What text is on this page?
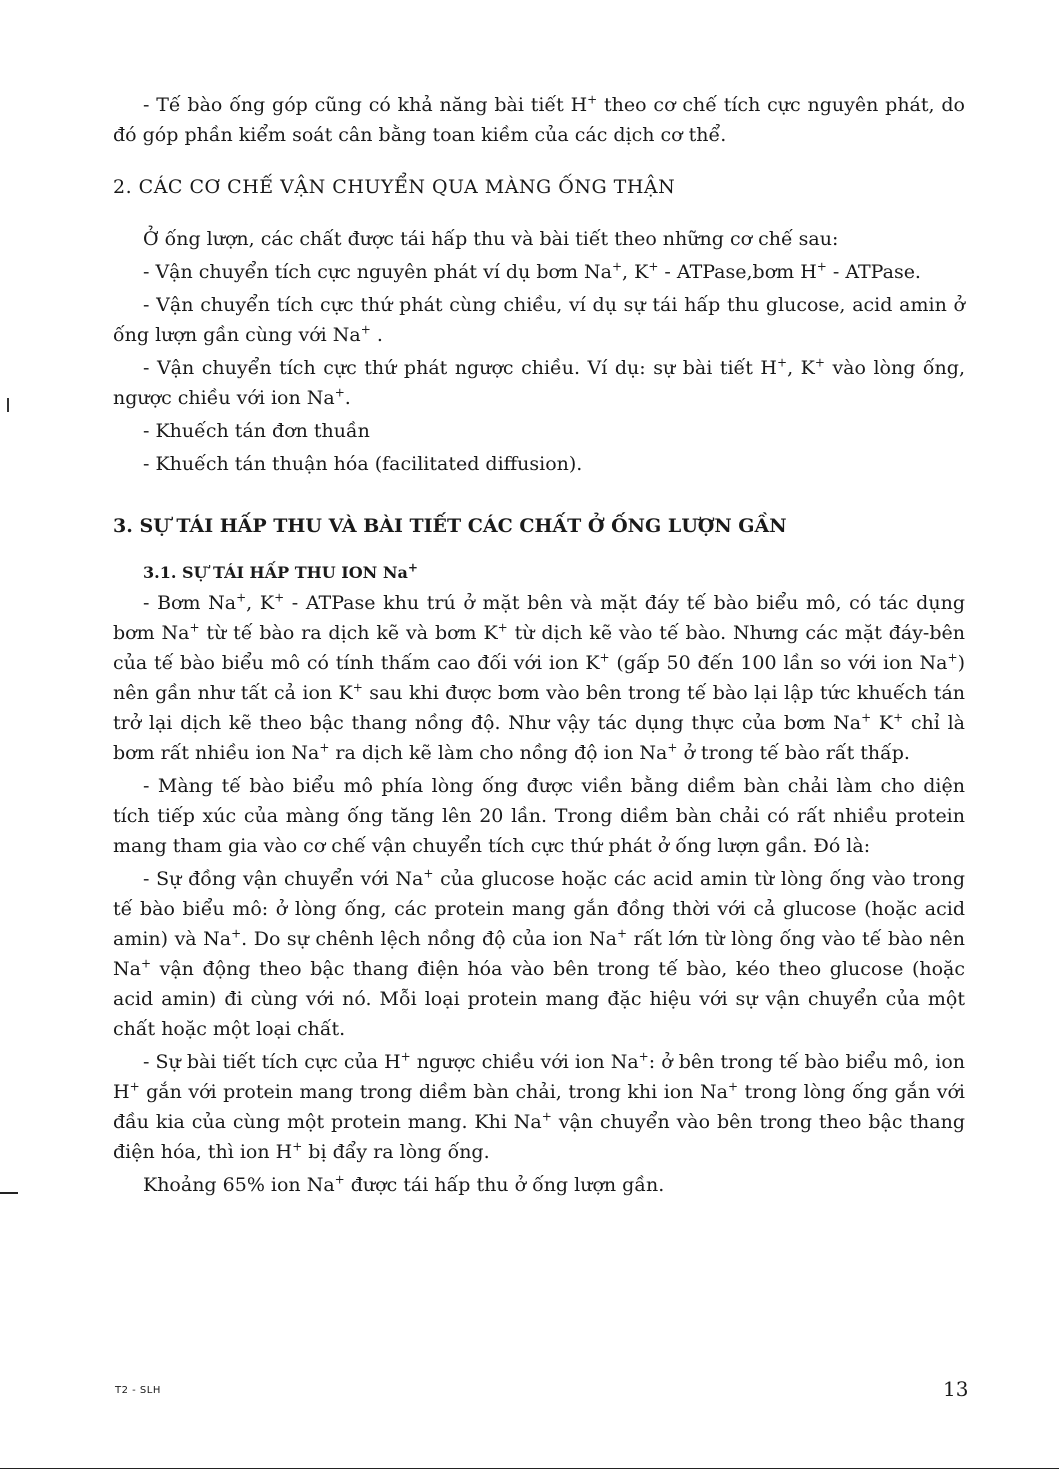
- Tế bào ống góp cũng có khả năng bài tiết H+ theo cơ chế tích cực nguyên phát, do đó góp phần kiểm soát cân bằng toan kiềm của các dịch cơ thể.

2. CÁC CƠ CHẾ VẬN CHUYỂN QUA MÀNG ỐNG THẬN

Ở ống lượn, các chất được tái hấp thu và bài tiết theo những cơ chế sau:

- Vận chuyển tích cực nguyên phát ví dụ bơm Na+, K+ - ATPase,bơm H+ - ATPase.

- Vận chuyển tích cực thứ phát cùng chiều, ví dụ sự tái hấp thu glucose, acid amin ở ống lượn gần cùng với Na+ .

- Vận chuyển tích cực thứ phát ngược chiều. Ví dụ: sự bài tiết H+, K+ vào lòng ống, ngược chiều với ion Na+.

- Khuếch tán đơn thuần

- Khuếch tán thuận hóa (facilitated diffusion).

3. SỰ TÁI HẤP THU VÀ BÀI TIẾT CÁC CHẤT Ở ỐNG LƯỢN GẦN

3.1. SỰ TÁI HẤP THU ION Na+

- Bơm Na+, K+ - ATPase khu trú ở mặt bên và mặt đáy tế bào biểu mô, có tác dụng bơm Na+ từ tế bào ra dịch kẽ và bơm K+ từ dịch kẽ vào tế bào. Nhưng các mặt đáy-bên của tế bào biểu mô có tính thấm cao đối với ion K+ (gấp 50 đến 100 lần so với ion Na+) nên gần như tất cả ion K+ sau khi được bơm vào bên trong tế bào lại lập tức khuếch tán trở lại dịch kẽ theo bậc thang nồng độ. Như vậy tác dụng thực của bơm Na+ K+ chỉ là bơm rất nhiều ion Na+ ra dịch kẽ làm cho nồng độ ion Na+ ở trong tế bào rất thấp.

- Màng tế bào biểu mô phía lòng ống được viền bằng diềm bàn chải làm cho diện tích tiếp xúc của màng ống tăng lên 20 lần. Trong diềm bàn chải có rất nhiều protein mang tham gia vào cơ chế vận chuyển tích cực thứ phát ở ống lượn gần. Đó là:

- Sự đồng vận chuyển với Na+ của glucose hoặc các acid amin từ lòng ống vào trong tế bào biểu mô: ở lòng ống, các protein mang gắn đồng thời với cả glucose (hoặc acid amin) và Na+. Do sự chênh lệch nồng độ của ion Na+ rất lớn từ lòng ống vào tế bào nên Na+ vận động theo bậc thang điện hóa vào bên trong tế bào, kéo theo glucose (hoặc acid amin) đi cùng với nó. Mỗi loại protein mang đặc hiệu với sự vận chuyển của một chất hoặc một loại chất.

- Sự bài tiết tích cực của H+ ngược chiều với ion Na+: ở bên trong tế bào biểu mô, ion H+ gắn với protein mang trong diềm bàn chải, trong khi ion Na+ trong lòng ống gắn với đầu kia của cùng một protein mang. Khi Na+ vận chuyển vào bên trong theo bậc thang điện hóa, thì ion H+ bị đẩy ra lòng ống.

Khoảng 65% ion Na+ được tái hấp thu ở ống lượn gần.

T2 - SLH	13
